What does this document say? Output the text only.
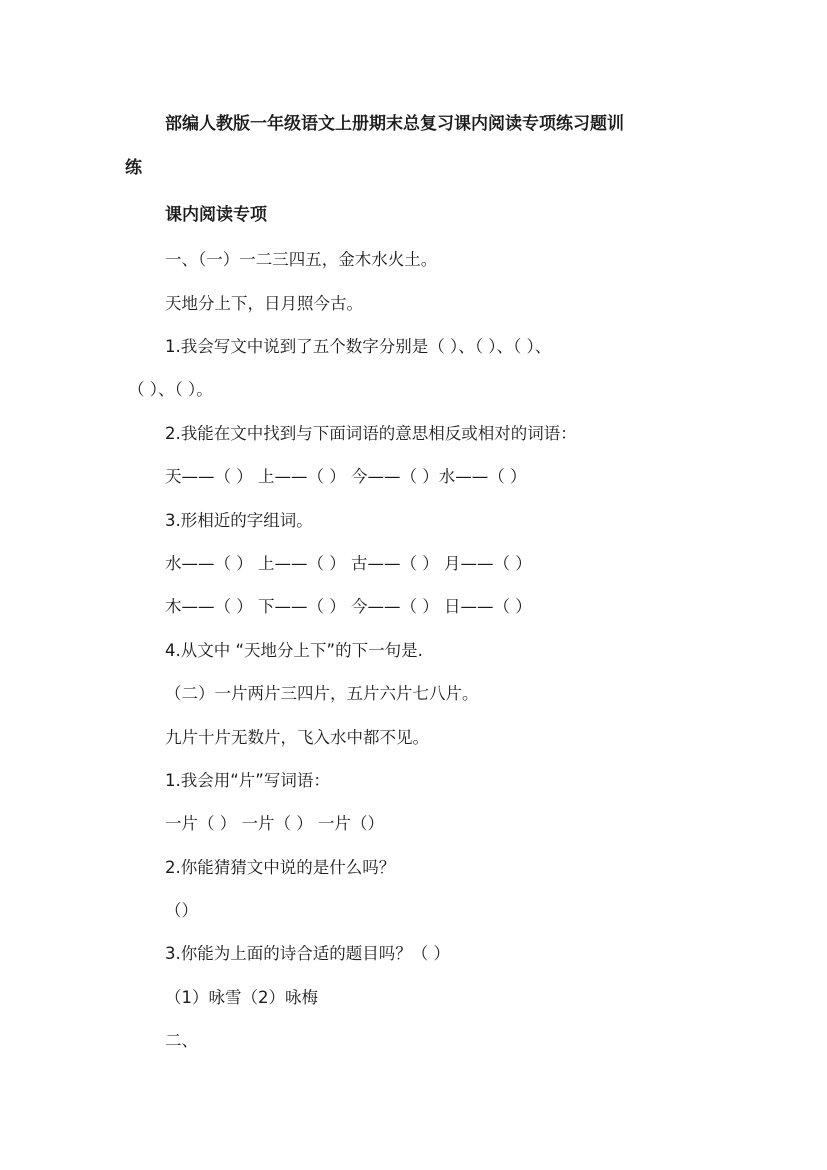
部编人教版一年级语文上册期末总复习课内阅读专项练习题训
练
课内阅读专项
一、（一）一二三四五，金木水火土。
天地分上下，日月照今古。
1.我会写文中说到了五个数字分别是（ ）、（ ）、（ ）、
（ ）、（ ）。
2.我能在文中找到与下面词语的意思相反或相对的词语：
天——（ ） 上——（ ） 今——（ ）水——（ ）
3.形相近的字组词。
水——（ ） 上——（ ） 古——（ ） 月——（ ）
木——（ ） 下——（ ） 今——（ ） 日——（ ）
4.从文中 “天地分上下”的下一句是.
（二）一片两片三四片，五片六片七八片。
九片十片无数片，飞入水中都不见。
1.我会用“片”写词语：
一片（ ） 一片（ ） 一片（）
2.你能猜猜文中说的是什么吗？
（）
3.你能为上面的诗合适的题目吗？（ ）
（1）咏雪（2）咏梅
二、
